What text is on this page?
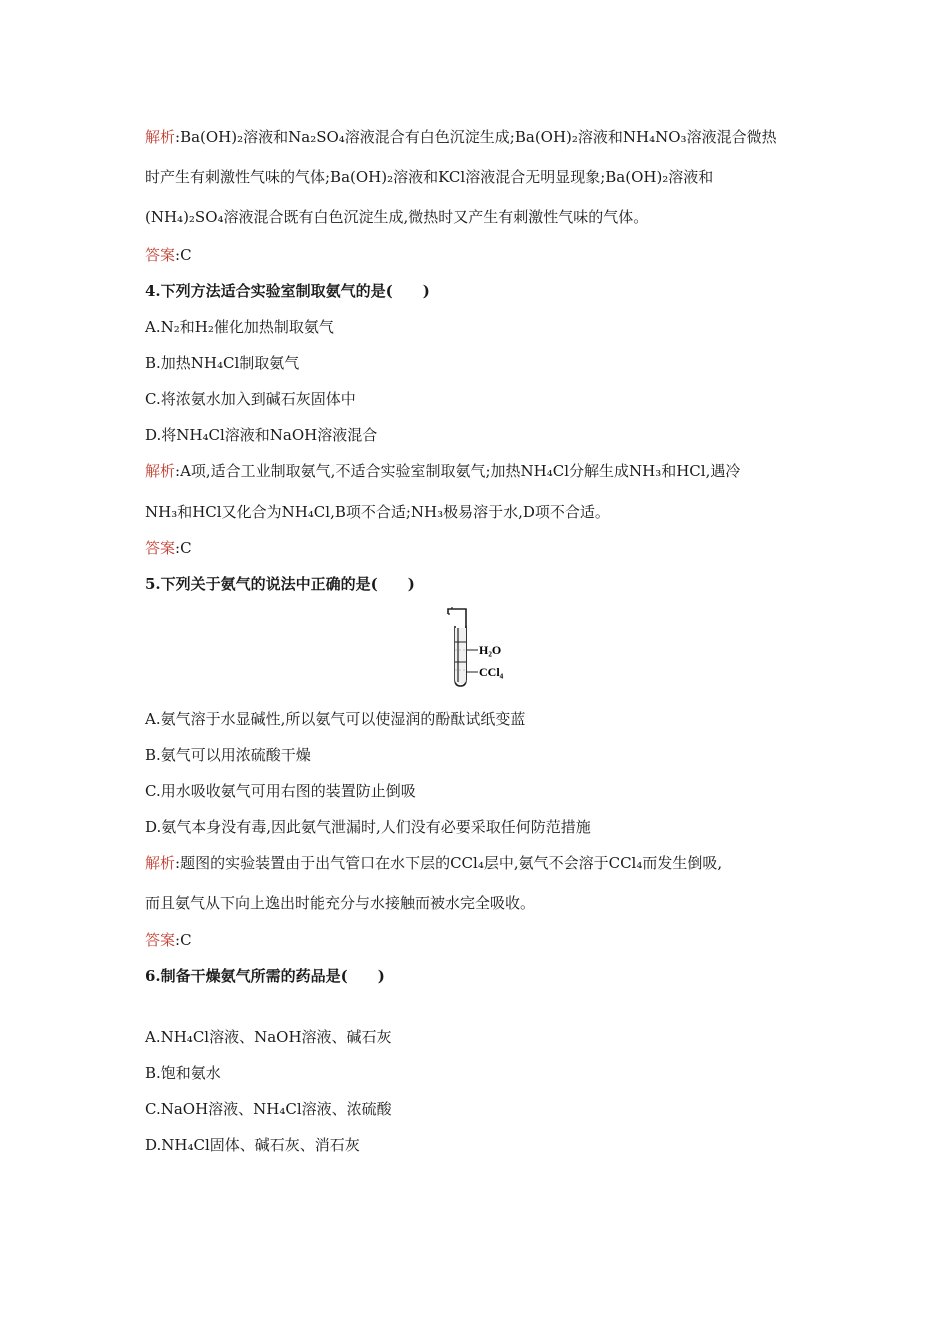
解析:Ba(OH)₂溶液和Na₂SO₄溶液混合有白色沉淀生成;Ba(OH)₂溶液和NH₄NO₃溶液混合微热
时产生有刺激性气味的气体;Ba(OH)₂溶液和KCl溶液混合无明显现象;Ba(OH)₂溶液和
(NH₄)₂SO₄溶液混合既有白色沉淀生成,微热时又产生有刺激性气味的气体。
答案:C
4.下列方法适合实验室制取氨气的是(　　)
A.N₂和H₂催化加热制取氨气
B.加热NH₄Cl制取氨气
C.将浓氨水加入到碱石灰固体中
D.将NH₄Cl溶液和NaOH溶液混合
解析:A项,适合工业制取氨气,不适合实验室制取氨气;加热NH₄Cl分解生成NH₃和HCl,遇冷
NH₃和HCl又化合为NH₄Cl,B项不合适;NH₃极易溶于水,D项不合适。
答案:C
5.下列关于氨气的说法中正确的是(　　)
H₂O
CCl₄
A.氨气溶于水显碱性,所以氨气可以使湿润的酚酞试纸变蓝
B.氨气可以用浓硫酸干燥
C.用水吸收氨气可用右图的装置防止倒吸
D.氨气本身没有毒,因此氨气泄漏时,人们没有必要采取任何防范措施
解析:题图的实验装置由于出气管口在水下层的CCl₄层中,氨气不会溶于CCl₄而发生倒吸,
而且氨气从下向上逸出时能充分与水接触而被水完全吸收。
答案:C
6.制备干燥氨气所需的药品是(　　)
A.NH₄Cl溶液、NaOH溶液、碱石灰
B.饱和氨水
C.NaOH溶液、NH₄Cl溶液、浓硫酸
D.NH₄Cl固体、碱石灰、消石灰
